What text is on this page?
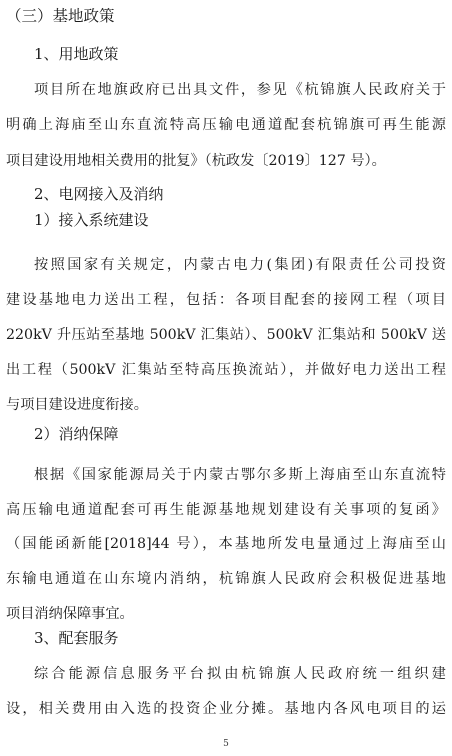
（三）基地政策
1、用地政策
项目所在地旗政府已出具文件，参见《杭锦旗人民政府关于
明确上海庙至山东直流特高压输电通道配套杭锦旗可再生能源
项目建设用地相关费用的批复》（杭政发〔2019〕127 号）。
2、电网接入及消纳
1）接入系统建设
按照国家有关规定，内蒙古电力(集团)有限责任公司投资
建设基地电力送出工程，包括：各项目配套的接网工程（项目
220kV 升压站至基地 500kV 汇集站）、500kV 汇集站和 500kV 送
出工程（500kV 汇集站至特高压换流站），并做好电力送出工程
与项目建设进度衔接。
2）消纳保障
根据《国家能源局关于内蒙古鄂尔多斯上海庙至山东直流特
高压输电通道配套可再生能源基地规划建设有关事项的复函》
（国能函新能[2018]44 号），本基地所发电量通过上海庙至山
东输电通道在山东境内消纳，杭锦旗人民政府会积极促进基地
项目消纳保障事宜。
3、配套服务
综合能源信息服务平台拟由杭锦旗人民政府统一组织建
设，相关费用由入选的投资企业分摊。基地内各风电项目的运
5
